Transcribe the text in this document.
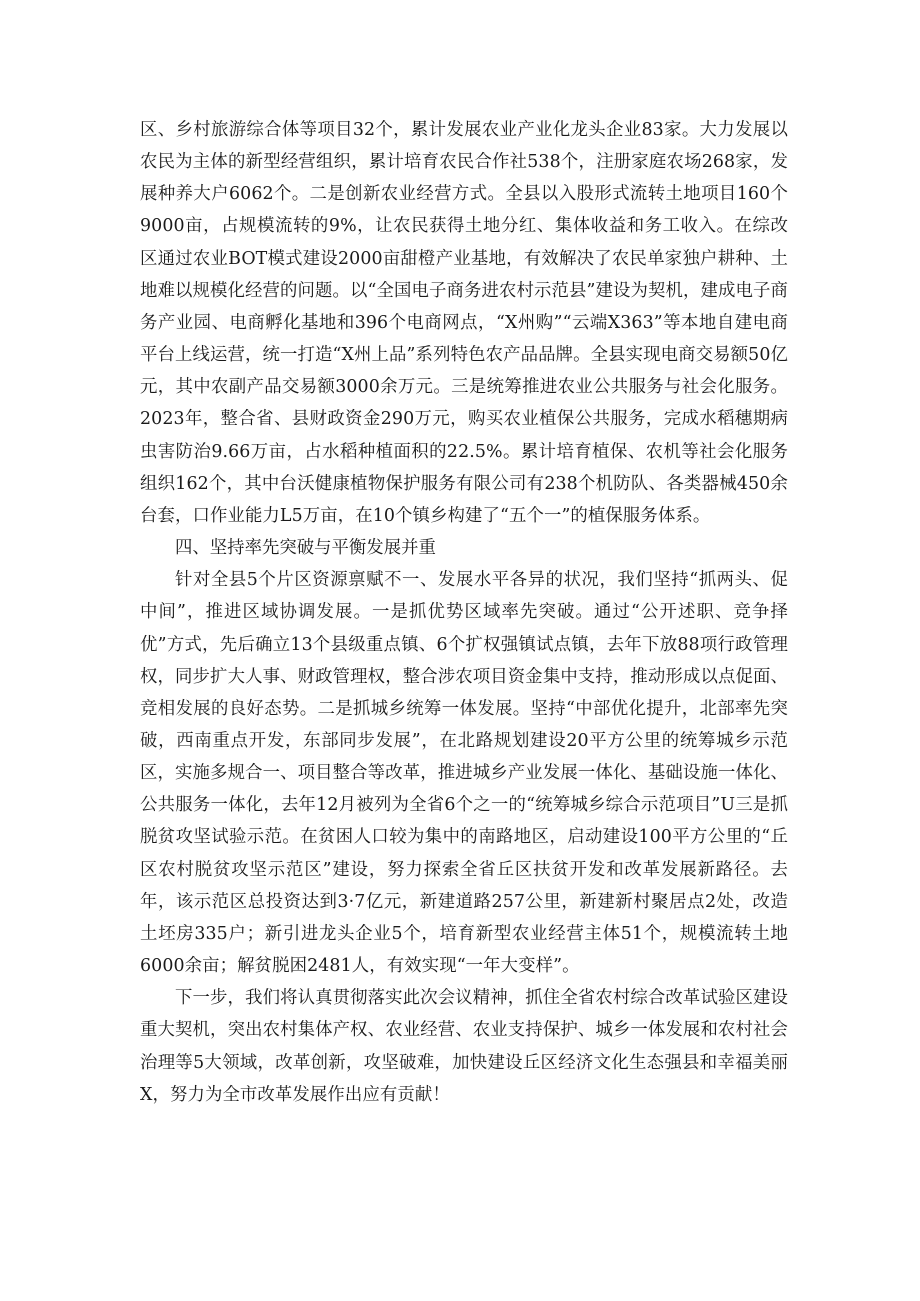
区、乡村旅游综合体等项目32个，累计发展农业产业化龙头企业83家。大力发展以农民为主体的新型经营组织，累计培育农民合作社538个，注册家庭农场268家，发展种养大户6062个。二是创新农业经营方式。全县以入股形式流转土地项目160个9000亩，占规模流转的9%，让农民获得土地分红、集体收益和务工收入。在综改区通过农业BOT模式建设2000亩甜橙产业基地，有效解决了农民单家独户耕种、土地难以规模化经营的问题。以“全国电子商务进农村示范县”建设为契机，建成电子商务产业园、电商孵化基地和396个电商网点，“X州购”“云端X363”等本地自建电商平台上线运营，统一打造“X州上品”系列特色农产品品牌。全县实现电商交易额50亿元，其中农副产品交易额3000余万元。三是统筹推进农业公共服务与社会化服务。2023年，整合省、县财政资金290万元，购买农业植保公共服务，完成水稻穗期病虫害防治9.66万亩，占水稻种植面积的22.5%。累计培育植保、农机等社会化服务组织162个，其中台沃健康植物保护服务有限公司有238个机防队、各类器械450余台套，口作业能力L5万亩，在10个镇乡构建了“五个一”的植保服务体系。

四、坚持率先突破与平衡发展并重

针对全县5个片区资源禀赋不一、发展水平各异的状况，我们坚持“抓两头、促中间”，推进区域协调发展。一是抓优势区域率先突破。通过“公开述职、竞争择优”方式，先后确立13个县级重点镇、6个扩权强镇试点镇，去年下放88项行政管理权，同步扩大人事、财政管理权，整合涉农项目资金集中支持，推动形成以点促面、竞相发展的良好态势。二是抓城乡统筹一体发展。坚持“中部优化提升，北部率先突破，西南重点开发，东部同步发展”，在北路规划建设20平方公里的统筹城乡示范区，实施多规合一、项目整合等改革，推进城乡产业发展一体化、基础设施一体化、公共服务一体化，去年12月被列为全省6个之一的“统筹城乡综合示范项目”U三是抓脱贫攻坚试验示范。在贫困人口较为集中的南路地区，启动建设100平方公里的“丘区农村脱贫攻坚示范区”建设，努力探索全省丘区扶贫开发和改革发展新路径。去年，该示范区总投资达到3·7亿元，新建道路257公里，新建新村聚居点2处，改造土坯房335户；新引进龙头企业5个，培育新型农业经营主体51个，规模流转土地6000余亩；解贫脱困2481人，有效实现“一年大变样”。

下一步，我们将认真贯彻落实此次会议精神，抓住全省农村综合改革试验区建设重大契机，突出农村集体产权、农业经营、农业支持保护、城乡一体发展和农村社会治理等5大领域，改革创新，攻坚破难，加快建设丘区经济文化生态强县和幸福美丽X，努力为全市改革发展作出应有贡献！
